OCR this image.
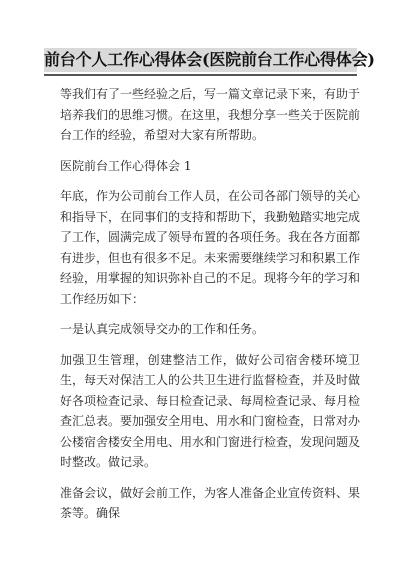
前台个人工作心得体会(医院前台工作心得体会)

等我们有了一些经验之后，写一篇文章记录下来，有助于培养我们的思维习惯。在这里，我想分享一些关于医院前台工作的经验，希望对大家有所帮助。

医院前台工作心得体会 1

年底，作为公司前台工作人员，在公司各部门领导的关心和指导下，在同事们的支持和帮助下，我勤勉踏实地完成了工作，圆满完成了领导布置的各项任务。我在各方面都有进步，但也有很多不足。未来需要继续学习和积累工作经验，用掌握的知识弥补自己的不足。现将今年的学习和工作经历如下：

一是认真完成领导交办的工作和任务。

加强卫生管理，创建整洁工作，做好公司宿舍楼环境卫生，每天对保洁工人的公共卫生进行监督检查，并及时做好各项检查记录、每日检查记录、每周检查记录、每月检查汇总表。要加强安全用电、用水和门窗检查，日常对办公楼宿舍楼安全用电、用水和门窗进行检查，发现问题及时整改。做记录。

准备会议，做好会前工作，为客人准备企业宣传资料、果茶等。确保
